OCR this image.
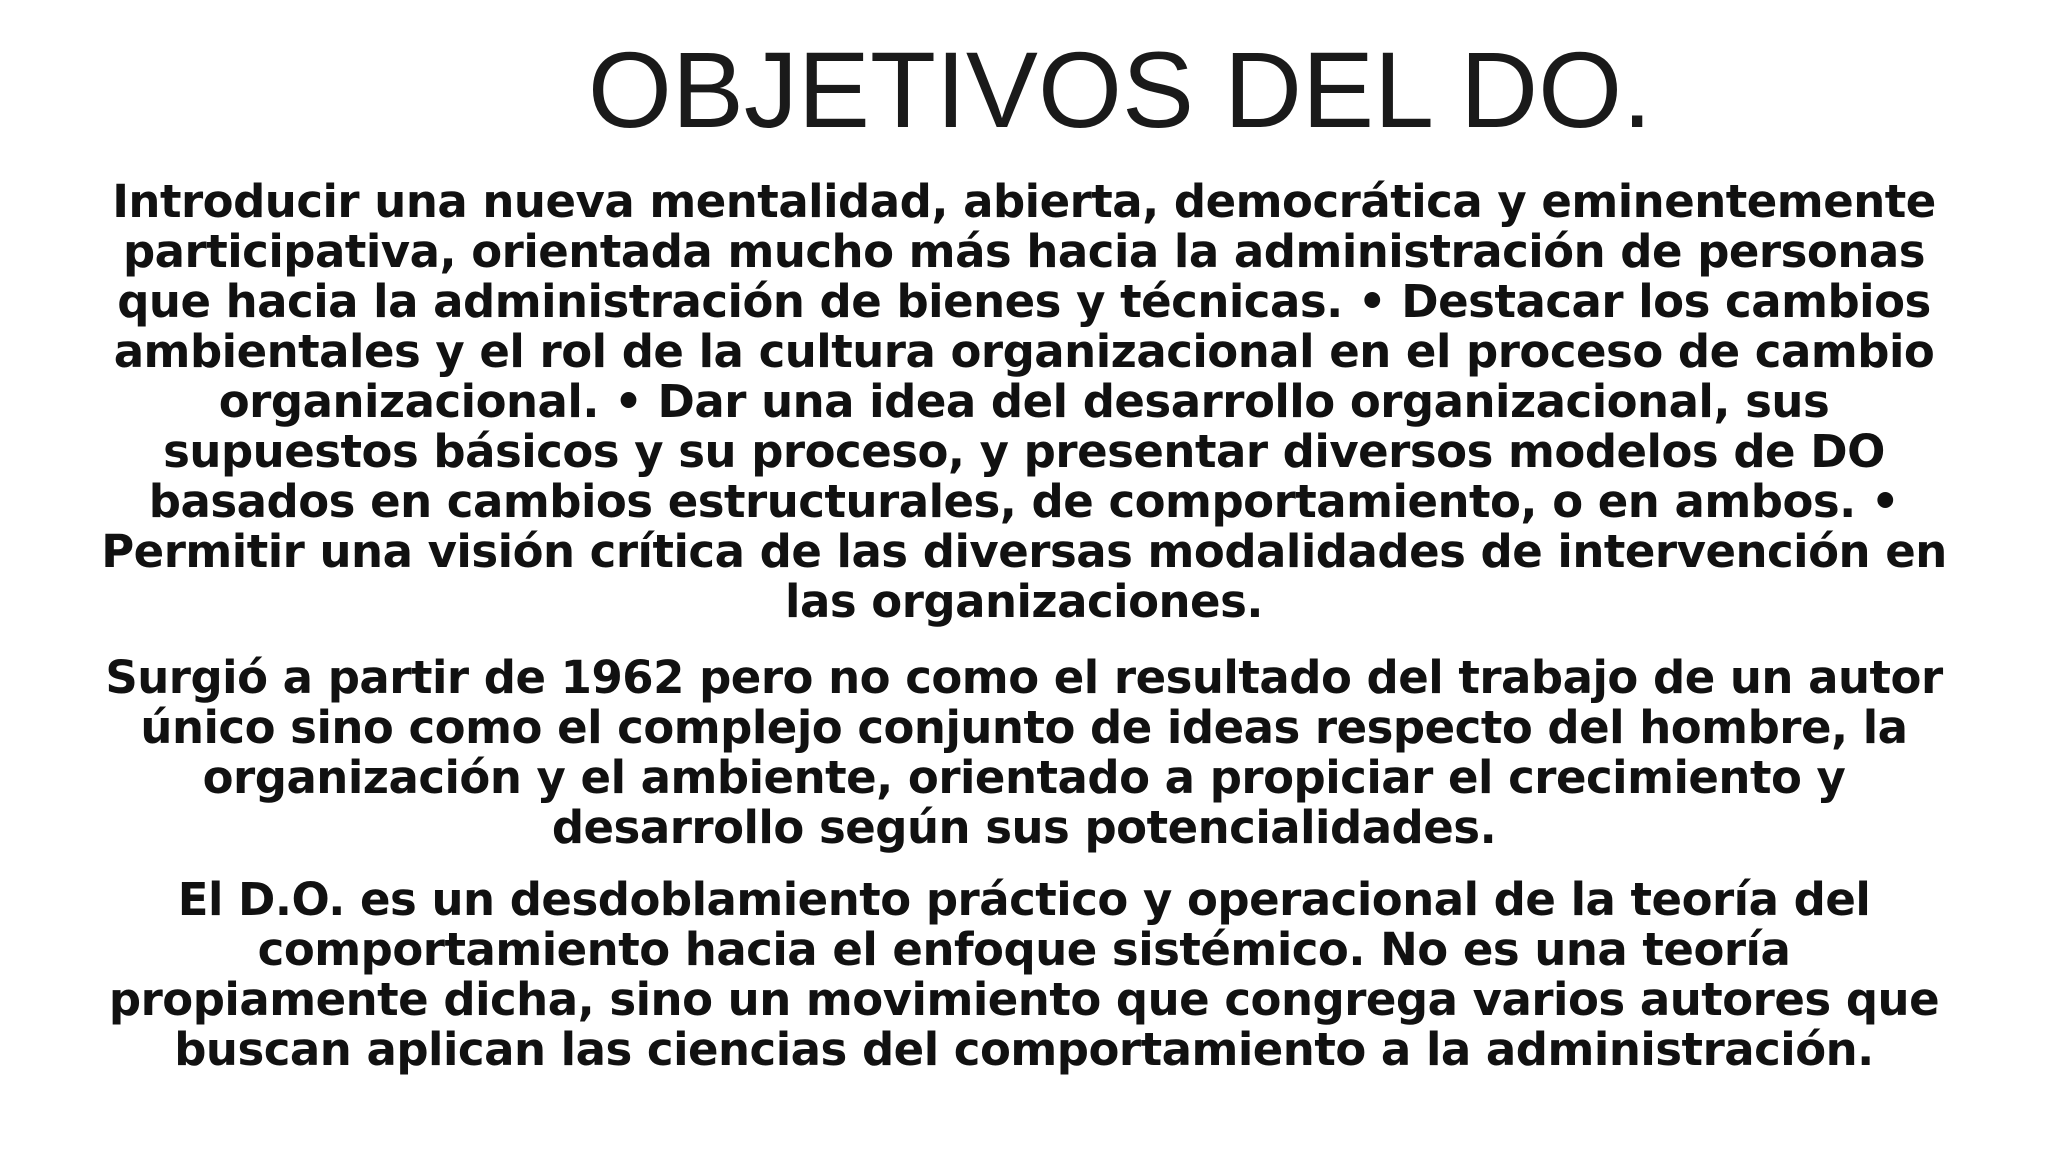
OBJETIVOS DEL DO.

Introducir una nueva mentalidad, abierta, democrática y eminentemente participativa, orientada mucho más hacia la administración de personas que hacia la administración de bienes y técnicas. • Destacar los cambios ambientales y el rol de la cultura organizacional en el proceso de cambio organizacional. • Dar una idea del desarrollo organizacional, sus supuestos básicos y su proceso, y presentar diversos modelos de DO basados en cambios estructurales, de comportamiento, o en ambos. • Permitir una visión crítica de las diversas modalidades de intervención en las organizaciones.

Surgió a partir de 1962 pero no como el resultado del trabajo de un autor único sino como el complejo conjunto de ideas respecto del hombre, la organización y el ambiente, orientado a propiciar el crecimiento y desarrollo según sus potencialidades.

El D.O. es un desdoblamiento práctico y operacional de la teoría del comportamiento hacia el enfoque sistémico. No es una teoría propiamente dicha, sino un movimiento que congrega varios autores que buscan aplican las ciencias del comportamiento a la administración.
